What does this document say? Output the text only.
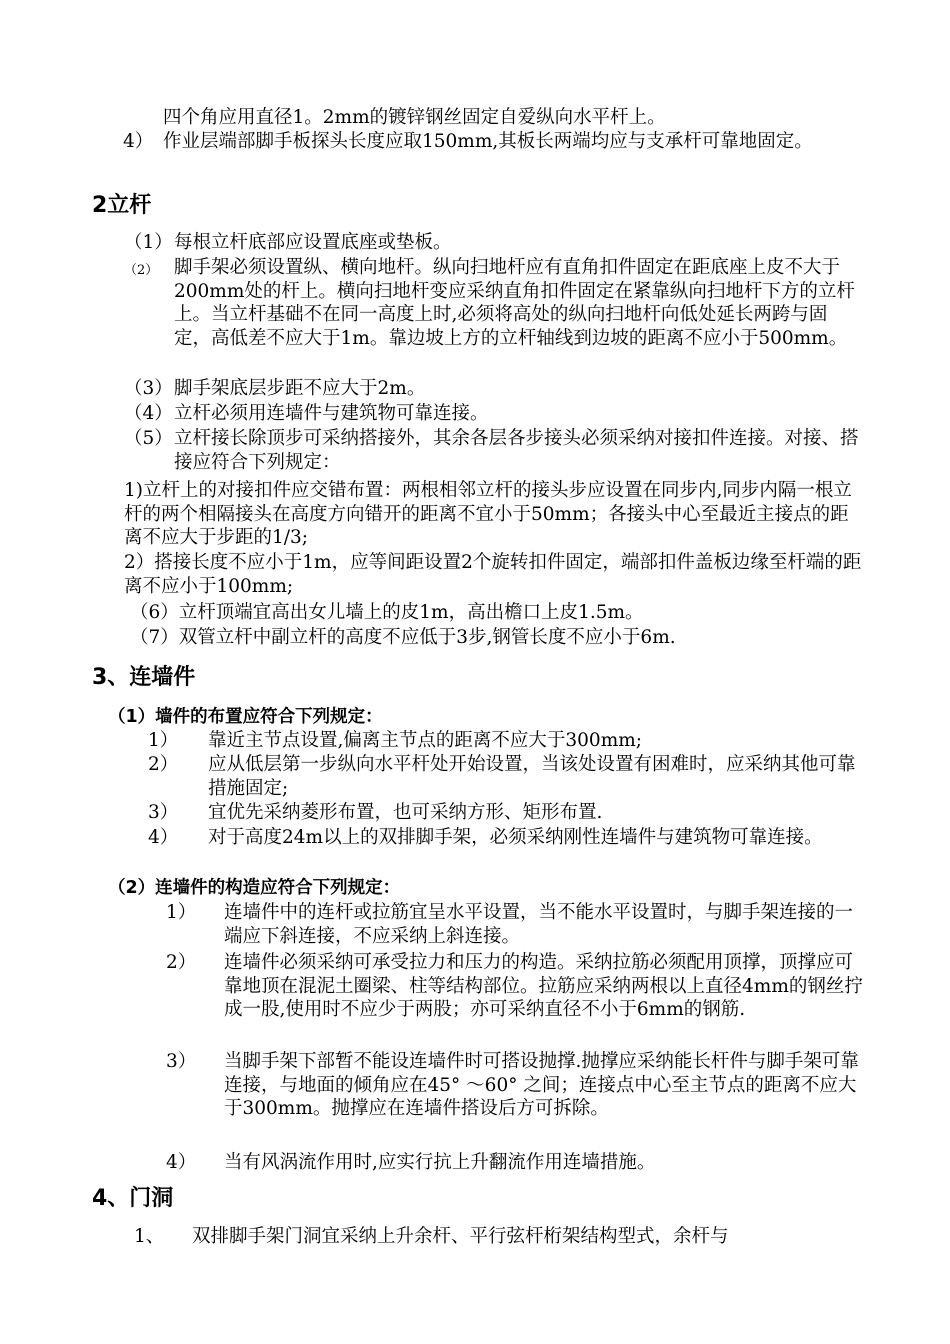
四个角应用直径1。2mm的镀锌钢丝固定自爱纵向水平杆上。

4） 作业层端部脚手板探头长度应取150mm,其板长两端均应与支承杆可靠地固定。
2立杆
（1） 每根立杆底部应设置底座或垫板。
（2） 脚手架必须设置纵、横向地杆。纵向扫地杆应有直角扣件固定在距底座上皮不大于200mm处的杆上。横向扫地杆变应采纳直角扣件固定在紧靠纵向扫地杆下方的立杆上。当立杆基础不在同一高度上时,必须将高处的纵向扫地杆向低处延长两跨与固定，高低差不应大于1m。靠边坡上方的立杆轴线到边坡的距离不应小于500mm。
（3） 脚手架底层步距不应大于2m。
（4） 立杆必须用连墙件与建筑物可靠连接。
（5） 立杆接长除顶步可采纳搭接外，其余各层各步接头必须采纳对接扣件连接。对接、搭接应符合下列规定：

1)立杆上的对接扣件应交错布置：两根相邻立杆的接头步应设置在同步内,同步内隔一根立杆的两个相隔接头在高度方向错开的距离不宜小于50mm；各接头中心至最近主接点的距离不应大于步距的1/3;

2）搭接长度不应小于1m，应等间距设置2个旋转扣件固定，端部扣件盖板边缘至杆端的距离不应小于100mm;

（6）立杆顶端宜高出女儿墙上的皮1m，高出檐口上皮1.5m。

（7）双管立杆中副立杆的高度不应低于3步,钢管长度不应小于6m.

3、连墙件
（1）墙件的布置应符合下列规定：
1） 靠近主节点设置,偏离主节点的距离不应大于300mm;
2） 应从低层第一步纵向水平杆处开始设置，当该处设置有困难时，应采纳其他可靠措施固定;
3） 宜优先采纳菱形布置，也可采纳方形、矩形布置.
4） 对于高度24m以上的双排脚手架，必须采纳刚性连墙件与建筑物可靠连接。
（2）连墙件的构造应符合下列规定：
1） 连墙件中的连杆或拉筋宜呈水平设置，当不能水平设置时，与脚手架连接的一端应下斜连接，不应采纳上斜连接。
2） 连墙件必须采纳可承受拉力和压力的构造。采纳拉筋必须配用顶撑，顶撑应可靠地顶在混泥土圈梁、柱等结构部位。拉筋应采纳两根以上直径4mm的钢丝拧成一股,使用时不应少于两股；亦可采纳直径不小于6mm的钢筋.
3） 当脚手架下部暂不能设连墙件时可搭设抛撑.抛撑应采纳能长杆件与脚手架可靠连接，与地面的倾角应在45° ～60° 之间；连接点中心至主节点的距离不应大于300mm。抛撑应在连墙件搭设后方可拆除。
4） 当有风涡流作用时,应实行抗上升翻流作用连墙措施。
4、门洞
1、 双排脚手架门洞宜采纳上升余杆、平行弦杆桁架结构型式，余杆与
